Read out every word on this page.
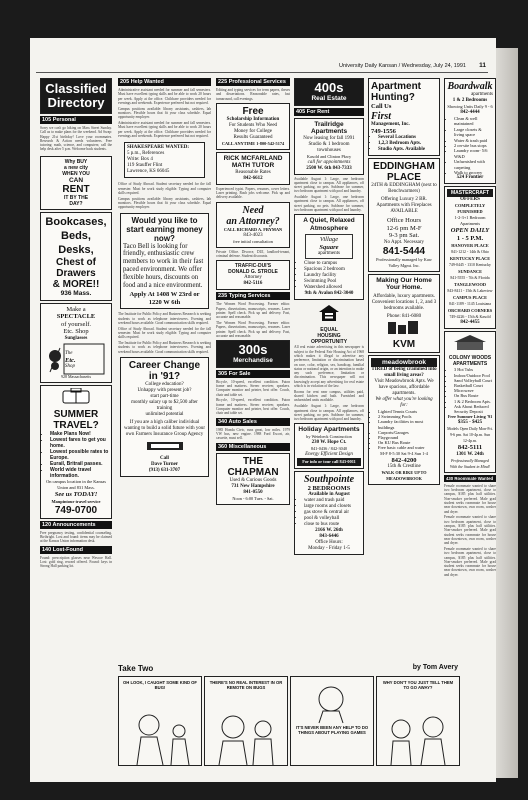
University Daily Kansan / Wednesday, July 24, 1991 11
Classified
Directory
105 Personal

Sorry we can't go hiking on Mass Street Sunday. Call us to make plans for the weekend. Ad Swap: Happy 21st birthday! Love your roommates. Research & Action needs volunteers. Free tutoring: math, science, and computers; call the help desk after 5 p.m. Welcome back students.

Why BUY
a new city
WHEN YOU
CAN
RENT
IT BY THE
DAY?
Bookcases,
Beds,
Desks,
Chest of
Drawers
& MORE!!
936 Mass.
Make a
SPECTACLE
of yourself.
Etc. Shop
Sunglasses
The
Etc.
Shop
928 Massachusetts
SUMMER
TRAVEL?
• Make Plans Now!
• Lowest fares to get you home.
• Lowest possible rates to Europe.
• Eurail, Britrail passes.
• World wide travel information.
On campus location in the Kansas Union and 831 Mass.
See us TODAY!
Maupintour travel service
749-0700
120 Announcements

Free pregnancy testing, confidential counseling. Birthright. Lost and found: items may be claimed at the Kansas Union information desk.

140 Lost-Found

Found: prescription glasses near Wescoe Hall. Lost: gold ring, reward offered. Found: keys in Strong Hall parking lot.

205 Help Wanted

Administrative assistant needed for summer and fall semesters. Must have excellent typing skills and be able to work 20 hours per week. Apply at the office. Childcare providers needed for evenings and weekends. Experience preferred but not required.

Campus positions available: library assistants, cashiers, lab monitors. Flexible hours that fit your class schedule. Equal opportunity employer.

Administrative assistant needed for summer and fall semesters. Must have excellent typing skills and be able to work 20 hours per week. Apply at the office. Childcare providers needed for evenings and weekends. Experience preferred but not required.

SHAKESPEARE WANTED:
5 p.m., References
Write: Box 4
119 Stauffer Flint
Lawrence, KS 66045

Office of Study Abroad. Student secretary needed for the fall semester. Must be work study eligible. Typing and computer skills required.

Campus positions available: library assistants, cashiers, lab monitors. Flexible hours that fit your class schedule. Equal opportunity employer.

Would you like to start earning money now?
Taco Bell is looking for friendly, enthusiastic crew members to work in their fast paced environment. We offer flexible hours, discounts on food and a nice environment.
Apply At 1408 W 23rd or 1220 W 6th

The Institute for Public Policy and Business Research is seeking students to work as telephone interviewers. Evening and weekend hours available. Good communication skills required.

Office of Study Abroad. Student secretary needed for the fall semester. Must be work study eligible. Typing and computer skills required.

The Institute for Public Policy and Business Research is seeking students to work as telephone interviewers. Evening and weekend hours available. Good communication skills required.

Career Change
in '91?
College education?
Unhappy with present job?
start part-time
monthly salary up to $2,500 after training
unlimited potential
If you are a high caliber individual wanting to build a solid future with your own Farmers Insurance Group Agency
Call
Dave Turner
(913) 631-3707
225 Professional Services

Editing and typing services for term papers, theses and dissertations. Reasonable rates, fast turnaround, call evenings.

Free
Scholarship Information
For Students Who Need
Money for College
Results Guaranteed
CALL ANYTIME 1-800-542-5174
RICK MCFARLAND
MATH TUTOR
Reasonable Rates
842-6612

Experienced typist. Papers, resumes, cover letters. Laser printing. Rush jobs welcome. Pick up and delivery available.

Need
an Attorney?
CALL RICHARD A. FRYMAN
843-4023
free initial consultation

Private Office. Divorce, DUI, landlord-tenant, criminal defense. Student discounts.

TRAFFIC-DUI'S
DONALD G. STROLE
Attorney
842-5116
235 Typing Services

The Women Word Processing. Former editor. Papers, dissertations, manuscripts, resumes. Laser printer. Spell check. Pick up and delivery. Fast, accurate and reasonable.

The Women Word Processing. Former editor. Papers, dissertations, manuscripts, resumes. Laser printer. Spell check. Pick up and delivery. Fast, accurate and reasonable.

300s
Merchandise
305 For Sale

Bicycle, 10-speed, excellent condition. Futon frame and mattress. Stereo receiver, speakers. Computer monitor and printer, best offer. Couch, chair and table set.

Bicycle, 10-speed, excellent condition. Futon frame and mattress. Stereo receiver, speakers. Computer monitor and printer, best offer. Couch, chair and table set.

340 Auto Sales

1985 Honda Civic, runs great, low miles. 1979 VW bus, new engine. 1988 Ford Escort, air, cassette, must sell.

360 Miscellaneous
THE CHAPMAN
Used & Curious Goods
731 New Hampshire
841-0550
Noon - 6:00 Tues. - Sat.
400s
Real Estate
405 For Rent
Trailridge Apartments
Now leasing for fall 1991
Studio & 1 bedroom townhouses
Kasold and Clinton Pkwy
call for appointments
2500 W. 6th 843-7333

Available August 1: Large, one bedroom apartment close to campus. All appliances, off street parking, no pets. Sublease for summer, two bedroom apartment with pool and laundry.

Available August 1: Large, one bedroom apartment close to campus. All appliances, off street parking, no pets. Sublease for summer, two bedroom apartment with pool and laundry.

A Quiet, Relaxed
Atmosphere
Village
Square
apartments
• Close to campus
• Spacious 2 bedroom
• Laundry facility
• Swimming Pool
• Watershed allowed
9th & Avalon 842-3040
EQUAL
HOUSING
OPPORTUNITY

All real estate advertising in this newspaper is subject to the Federal Fair Housing Act of 1968 which makes it illegal to advertise any preference, limitation or discrimination based on race, color, religion, sex, handicap, familial status or national origin, or an intention to make any such preference, limitation or discrimination. This newspaper will not knowingly accept any advertising for real estate which is in violation of the law.

Rooms for rent near campus, utilities paid, shared kitchen and bath. Furnished and unfurnished units available.

Available August 1: Large, one bedroom apartment close to campus. All appliances, off street parking, no pets. Sublease for summer, two bedroom apartment with pool and laundry.

Holiday Apartments
by Weinbeck Construction
230 W. Hope Ct.
841-0436 / 842-3040
Energy Efficient Design
For info or tour call 843-0011
Southpointe
2 BEDROOMS
Available in August
• water and trash paid
• large rooms and closets
• gas stove & central air
• pool & volleyball
• close to bus route
2166 W. 26th
843-6446
Office Hours:
Monday - Friday 1-5
Apartment
Hunting?
Call Us
First
Management, Inc.
749-1556
• Several Locations
• 1,2,3 Bedroom Apts.
• Studio Apts. Available
EDDINGHAM
PLACE
24TH & EDDINGHAM (next to Benchwarmers)
Offering Luxury 2 BR. Apartments with Fireplaces AVAILABLE
Office Hours
12-6 pm M-F
9-3 pm Sat.
No Appt. Necessary
841-5444
Professionally managed by Kaw Valley Mgmt. Inc.
Making Our Home
Your Home.
Affordable, luxury apartments. Convenient locations 1, 2, and 3 bedrooms available.
Phone: 841-6080
KVM
meadowbrook
TIRED of being crammed into small living areas?
Visit Meadowbrook Apts. We have spacious, affordable apartments.
We offer what you're looking for:
• Lighted Tennis Courts
• 2 Swimming Pools
• Laundry facilities in most buildings
• Carports/Garages
• Playground
• On KU Bus Route
• Free basic cable and water
M-F 8-5:30 Sat 9-4 Sun 1-4
842-4200
15th & Crestline
WALK OR BIKE UP TO MEADOWBROOK
Boardwalk
apartments
1 & 2 Bedrooms
Showing Units Daily 9 - 6
842-4444
• Clean & well maintained
• Large closets & living space
• Water & trash paid
• 2 on-site bus stops
• Laundry room- 5/6 W&D
• Unfurnished with carpeting
• Walk to grocery
524 Frontier
MASTERCRAFT
OFFERS
COMPLETELY FURNISHED
1-2-3+1 Bedroom Apartments
OPEN DAILY
1 - 5 P.M.
HANOVER PLACE
841-1212 - 14th & Ohio
KENTUCKY PLACE
749-0445 - 1310 Kentucky
SUNDANCE
841-5555 - 7th & Florida
TANGLEWOOD
843-8411 - 15th & Lakeview
CAMPUS PLACE
841-1189 - 1145 Louisiana
ORCHARD CORNERS
749-4226 - 15th & Kasold
842-4455
COLONY WOODS
APARTMENTS
• 3 Hot Tubs
• Indoor/Outdoor Pool
• Sand Volleyball Court
• Basketball Court
• Microwave
• On Bus Route
• 1 & 2 Bedroom Apts.
• Ask About Reduced Security Deposit
Free Summer Living '91
$355 - $425
Models Open Daily Mon-Fri. 9-6 pm. Sat 10-4p.m. Sun 12-4p.m.
842-5111
1301 W. 24th
Professionally Managed With the Student in Mind!
430 Roommate Wanted

Female roommate wanted to share two bedroom apartment, close to campus, $185 plus half utilities. Non-smoker preferred. Male grad student seeks roommate for house near downtown, own room, washer and dryer.

Female roommate wanted to share two bedroom apartment, close to campus, $185 plus half utilities. Non-smoker preferred. Male grad student seeks roommate for house near downtown, own room, washer and dryer.

Female roommate wanted to share two bedroom apartment, close to campus, $185 plus half utilities. Non-smoker preferred. Male grad student seeks roommate for house near downtown, own room, washer and dryer.

Take Two	by Tom Avery
OH LOOK, I CAUGHT SOME KIND OF BUG!
THERE'S NO REAL INTEREST IN OR REMOTE ON BUGS
IT'S NEVER BEEN ANY HELP TO DO THINGS ABOUT PLAYING GAMES
WHY DON'T YOU JUST TELL THEM TO GO AWAY?
